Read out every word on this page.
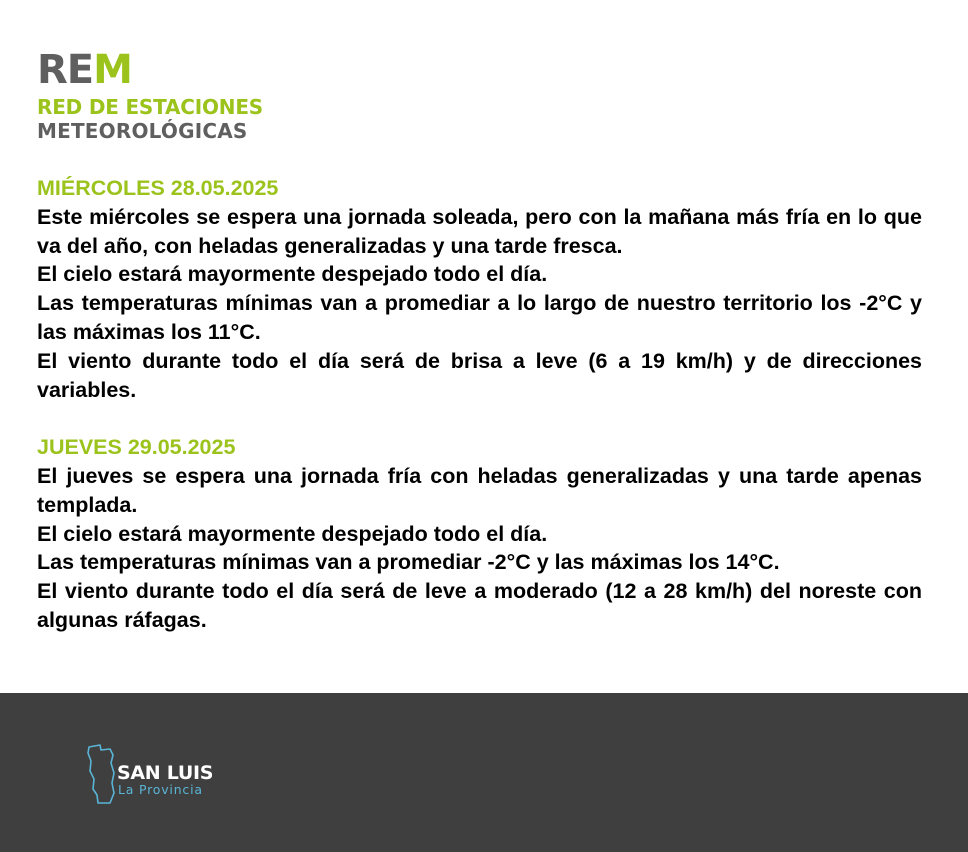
REM
RED DE ESTACIONES
METEOROLÓGICAS
MIÉRCOLES 28.05.2025
Este miércoles se espera una jornada soleada, pero con la mañana más fría en lo que va del año, con heladas generalizadas y una tarde fresca.
El cielo estará mayormente despejado todo el día.
Las temperaturas mínimas van a promediar a lo largo de nuestro territorio los -2°C y las máximas los 11°C.
El viento durante todo el día será de brisa a leve (6 a 19 km/h) y de direcciones variables.
JUEVES 29.05.2025
El jueves se espera una jornada fría con heladas generalizadas y una tarde apenas templada.
El cielo estará mayormente despejado todo el día.
Las temperaturas mínimas van a promediar -2°C y las máximas los 14°C.
El viento durante todo el día será de leve a moderado (12 a 28 km/h) del noreste con algunas ráfagas.
SAN LUIS
La Provincia
